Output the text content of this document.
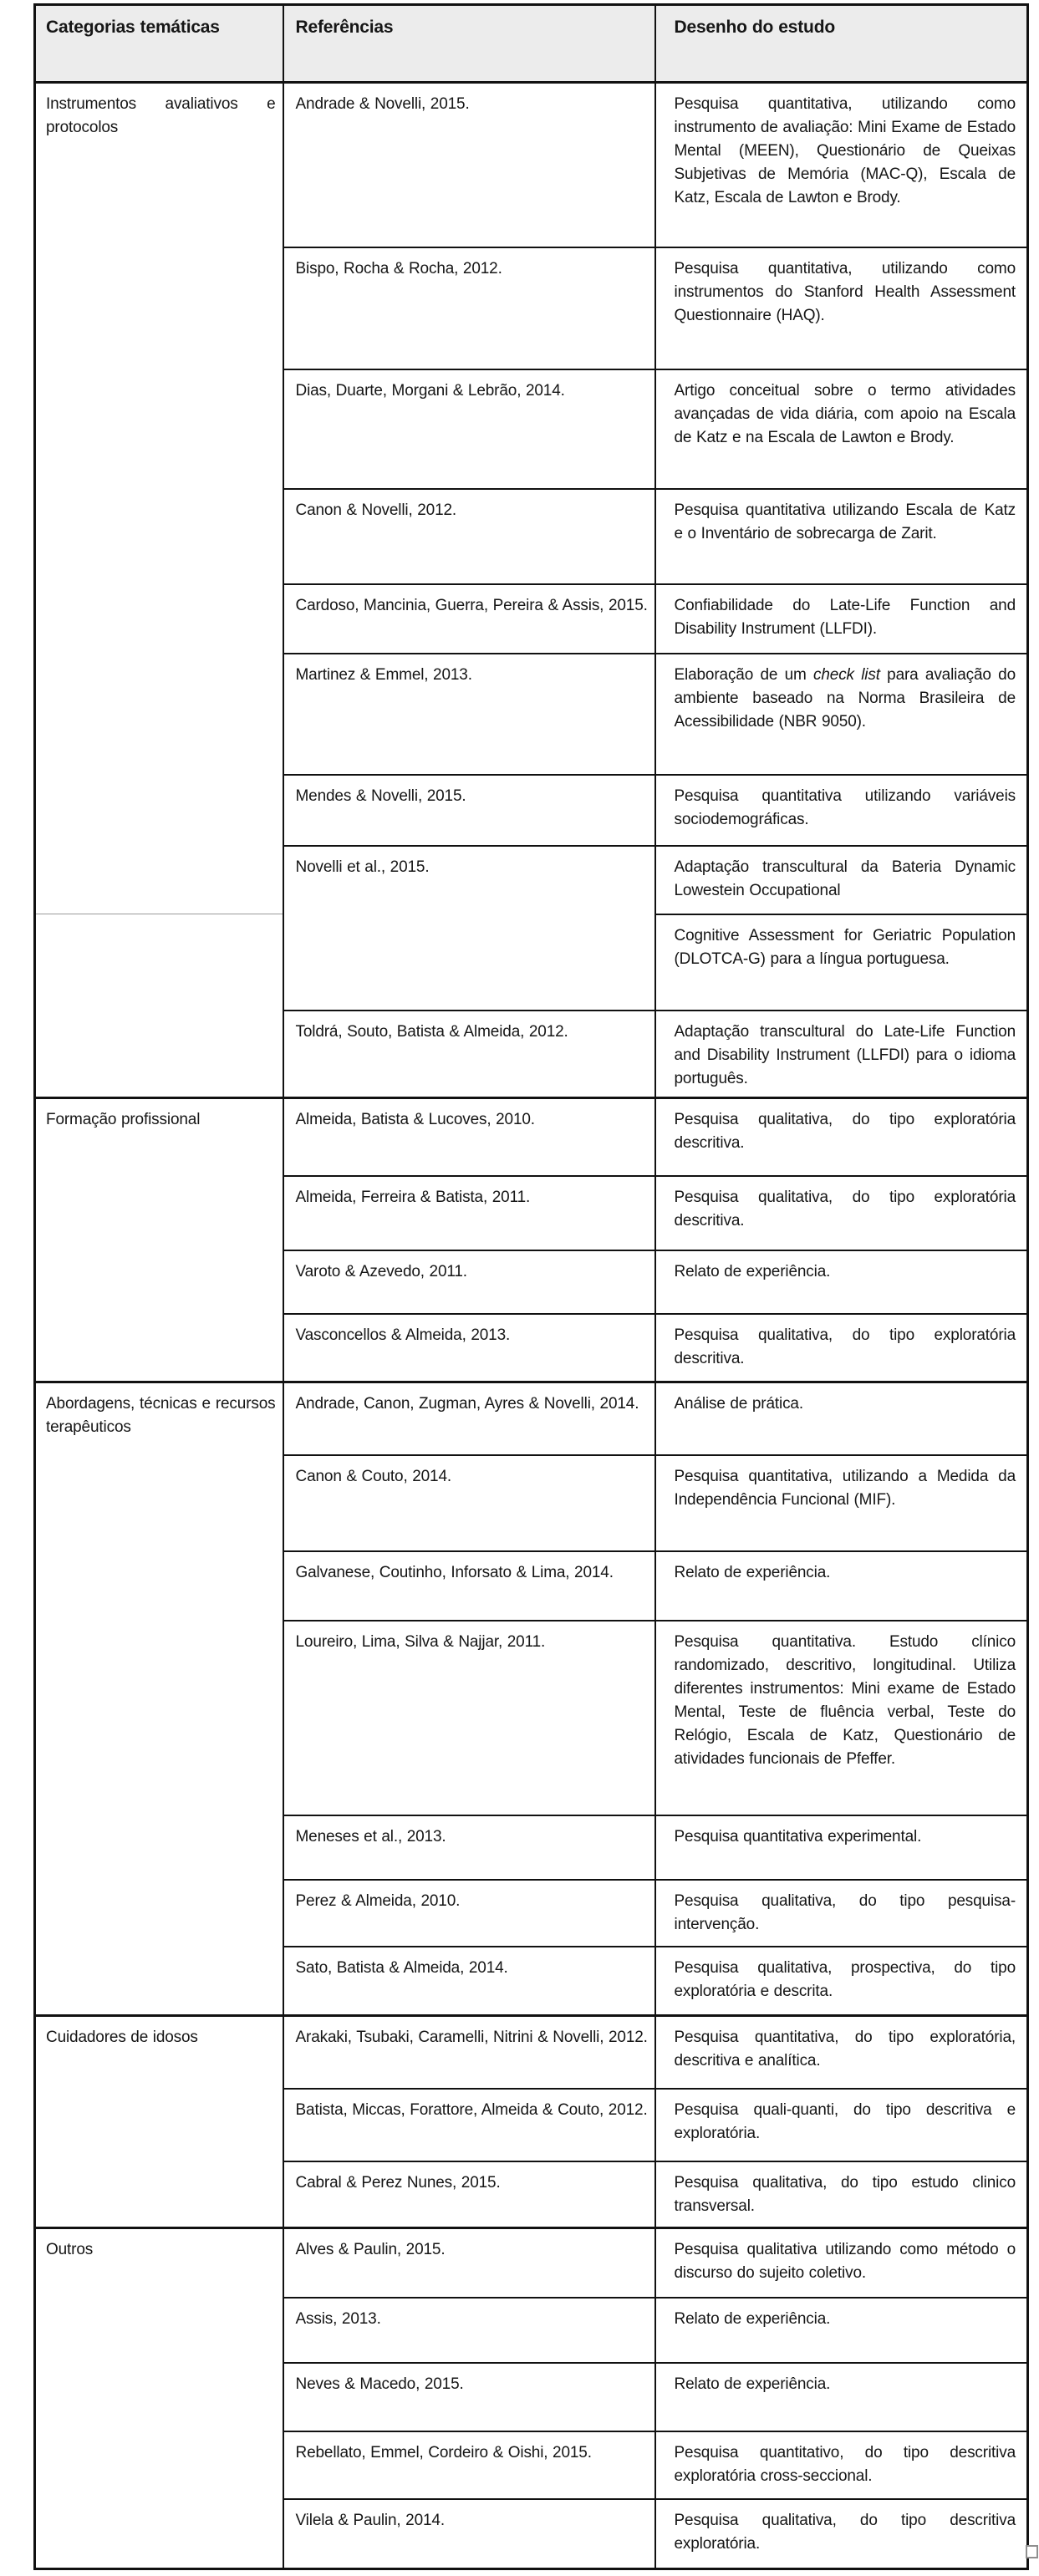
Categorias temáticas	Referências	Desenho do estudo
Instrumentos avaliativos e protocolos	Andrade & Novelli, 2015.	Pesquisa quantitativa, utilizando como instrumento de avaliação: Mini Exame de Estado Mental (MEEN), Questionário de Queixas Subjetivas de Memória (MAC-Q), Escala de Katz, Escala de Lawton e Brody.
	Bispo, Rocha & Rocha, 2012.	Pesquisa quantitativa, utilizando como instrumentos do Stanford Health Assessment Questionnaire (HAQ).
	Dias, Duarte, Morgani & Lebrão, 2014.	Artigo conceitual sobre o termo atividades avançadas de vida diária, com apoio na Escala de Katz e na Escala de Lawton e Brody.
	Canon & Novelli, 2012.	Pesquisa quantitativa utilizando Escala de Katz e o Inventário de sobrecarga de Zarit.
	Cardoso, Mancinia, Guerra, Pereira & Assis, 2015.	Confiabilidade do Late-Life Function and Disability Instrument (LLFDI).
	Martinez & Emmel, 2013.	Elaboração de um check list para avaliação do ambiente baseado na Norma Brasileira de Acessibilidade (NBR 9050).
	Mendes & Novelli, 2015.	Pesquisa quantitativa utilizando variáveis sociodemográficas.
	Novelli et al., 2015.	Adaptação transcultural da Bateria Dynamic Lowestein Occupational
		Cognitive Assessment for Geriatric Population (DLOTCA-G) para a língua portuguesa.
	Toldrá, Souto, Batista & Almeida, 2012.	Adaptação transcultural do Late-Life Function and Disability Instrument (LLFDI) para o idioma português.
Formação profissional	Almeida, Batista & Lucoves, 2010.	Pesquisa qualitativa, do tipo exploratória descritiva.
	Almeida, Ferreira & Batista, 2011.	Pesquisa qualitativa, do tipo exploratória descritiva.
	Varoto & Azevedo, 2011.	Relato de experiência.
	Vasconcellos & Almeida, 2013.	Pesquisa qualitativa, do tipo exploratória descritiva.
Abordagens, técnicas e recursos terapêuticos	Andrade, Canon, Zugman, Ayres & Novelli, 2014.	Análise de prática.
	Canon & Couto, 2014.	Pesquisa quantitativa, utilizando a Medida da Independência Funcional (MIF).
	Galvanese, Coutinho, Inforsato & Lima, 2014.	Relato de experiência.
	Loureiro, Lima, Silva & Najjar, 2011.	Pesquisa quantitativa. Estudo clínico randomizado, descritivo, longitudinal. Utiliza diferentes instrumentos: Mini exame de Estado Mental, Teste de fluência verbal, Teste do Relógio, Escala de Katz, Questionário de atividades funcionais de Pfeffer.
	Meneses et al., 2013.	Pesquisa quantitativa experimental.
	Perez & Almeida, 2010.	Pesquisa qualitativa, do tipo pesquisa-intervenção.
	Sato, Batista & Almeida, 2014.	Pesquisa qualitativa, prospectiva, do tipo exploratória e descrita.
Cuidadores de idosos	Arakaki, Tsubaki, Caramelli, Nitrini & Novelli, 2012.	Pesquisa quantitativa, do tipo exploratória, descritiva e analítica.
	Batista, Miccas, Forattore, Almeida & Couto, 2012.	Pesquisa quali-quanti, do tipo descritiva e exploratória.
	Cabral & Perez Nunes, 2015.	Pesquisa qualitativa, do tipo estudo clinico transversal.
Outros	Alves & Paulin, 2015.	Pesquisa qualitativa utilizando como método o discurso do sujeito coletivo.
	Assis, 2013.	Relato de experiência.
	Neves & Macedo, 2015.	Relato de experiência.
	Rebellato, Emmel, Cordeiro & Oishi, 2015.	Pesquisa quantitativo, do tipo descritiva exploratória cross-seccional.
	Vilela & Paulin, 2014.	Pesquisa qualitativa, do tipo descritiva exploratória.
